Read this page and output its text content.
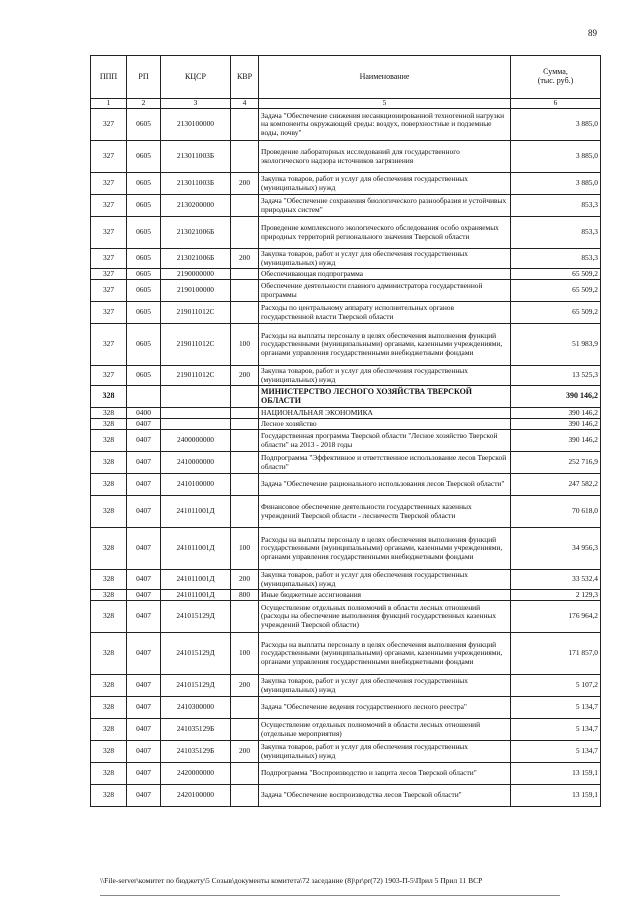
89
ППП	РП	КЦСР	КВР	Наименование	Сумма,
(тыс. руб.)
1	2	3	4	5	6
327	0605	2130100000		Задача "Обеспечение снижения несанкционированной техногенной нагрузки на компоненты окружающей среды: воздух, поверхностные и подземные воды, почву"	3 885,0
327	0605	213011003Б		Проведение лабораторных исследований для государственного экологического надзора источников загрязнения	3 885,0
327	0605	213011003Б	200	Закупка товаров, работ и услуг для обеспечения государственных (муниципальных) нужд	3 885,0
327	0605	2130200000		Задача "Обеспечение сохранения биологического разнообразия и устойчивых природных систем"	853,3
327	0605	213021006Б		Проведение комплексного экологического обследования особо охраняемых природных территорий регионального значения Тверской области	853,3
327	0605	213021006Б	200	Закупка товаров, работ и услуг для обеспечения государственных (муниципальных) нужд	853,3
327	0605	2190000000		Обеспечивающая подпрограмма	65 509,2
327	0605	2190100000		Обеспечение деятельности главного администратора государственной программы	65 509,2
327	0605	219011012С		Расходы по центральному аппарату исполнительных органов государственной власти Тверской области	65 509,2
327	0605	219011012С	100	Расходы на выплаты персоналу в целях обеспечения выполнения функций государственными (муниципальными) органами, казенными учреждениями, органами управления государственными внебюджетными фондами	51 983,9
327	0605	219011012С	200	Закупка товаров, работ и услуг для обеспечения государственных (муниципальных) нужд	13 525,3
328				МИНИСТЕРСТВО ЛЕСНОГО ХОЗЯЙСТВА ТВЕРСКОЙ ОБЛАСТИ	390 146,2
328	0400			НАЦИОНАЛЬНАЯ ЭКОНОМИКА	390 146,2
328	0407			Лесное хозяйство	390 146,2
328	0407	2400000000		Государственная программа Тверской области "Лесное хозяйство Тверской области" на 2013 - 2018 годы	390 146,2
328	0407	2410000000		Подпрограмма "Эффективное и ответственное использование лесов Тверской области"	252 716,9
328	0407	2410100000		Задача "Обеспечение рационального использования лесов Тверской области"	247 582,2
328	0407	241011001Д		Финансовое обеспечение деятельности государственных казенных учреждений Тверской области - лесничеств Тверской области	70 618,0
328	0407	241011001Д	100	Расходы на выплаты персоналу в целях обеспечения выполнения функций государственными (муниципальными) органами, казенными учреждениями, органами управления государственными внебюджетными фондами	34 956,3
328	0407	241011001Д	200	Закупка товаров, работ и услуг для обеспечения государственных (муниципальных) нужд	33 532,4
328	0407	241011001Д	800	Иные бюджетные ассигнования	2 129,3
328	0407	241015129Д		Осуществление отдельных полномочий в области лесных отношений (расходы на обеспечение выполнения функций государственных казенных учреждений Тверской области)	176 964,2
328	0407	241015129Д	100	Расходы на выплаты персоналу в целях обеспечения выполнения функций государственными (муниципальными) органами, казенными учреждениями, органами управления государственными внебюджетными фондами	171 857,0
328	0407	241015129Д	200	Закупка товаров, работ и услуг для обеспечения государственных (муниципальных) нужд	5 107,2
328	0407	2410300000		Задача "Обеспечение ведения государственного лесного реестра"	5 134,7
328	0407	241035129Б		Осуществление отдельных полномочий в области лесных отношений (отдельные мероприятия)	5 134,7
328	0407	241035129Б	200	Закупка товаров, работ и услуг для обеспечения государственных (муниципальных) нужд	5 134,7
328	0407	2420000000		Подпрограмма "Воспроизводство и защита лесов Тверской области"	13 159,1
328	0407	2420100000		Задача "Обеспечение воспроизводства лесов Тверской области"	13 159,1
\\File-server\комитет по бюджету\5 Созыв\документы комитета\72 заседание (8)\pr\pr(72) 1903-П-5\Прил 5 Прил 11 ВСР
